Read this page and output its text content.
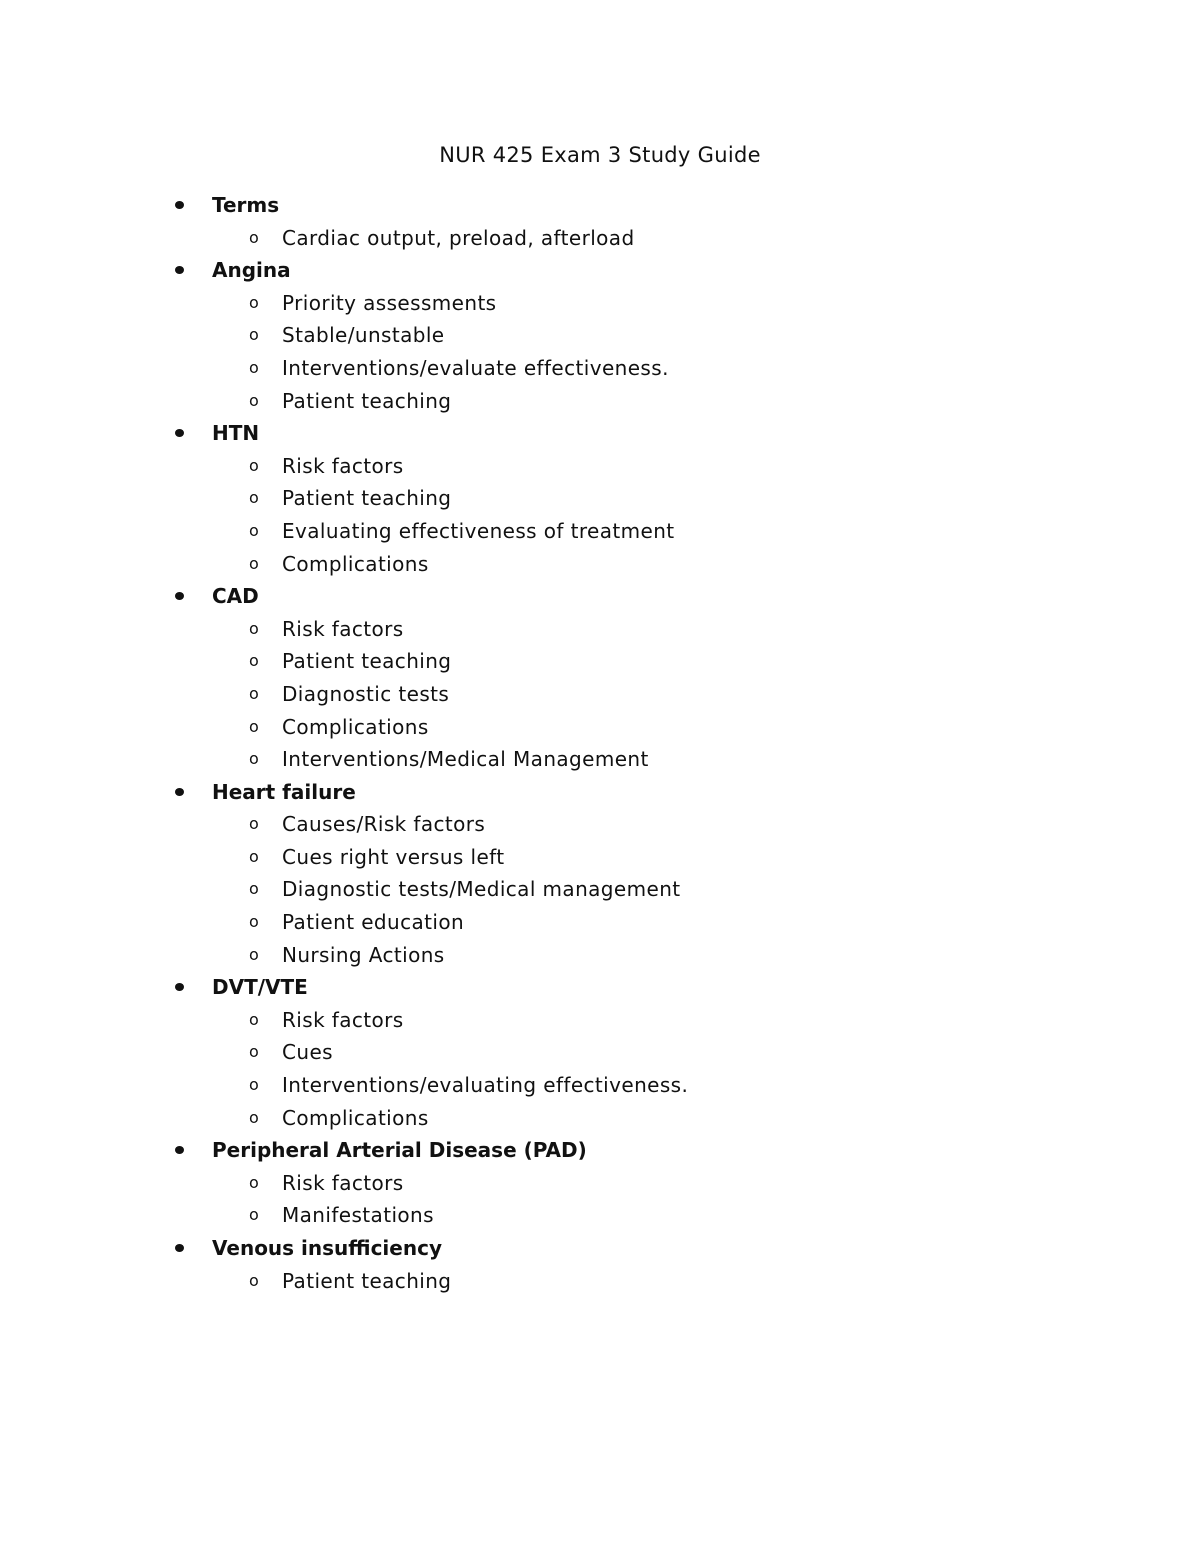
NUR 425 Exam 3 Study Guide
Terms
o Cardiac output, preload, afterload
Angina
o Priority assessments
o Stable/unstable
o Interventions/evaluate effectiveness.
o Patient teaching
HTN
o Risk factors
o Patient teaching
o Evaluating effectiveness of treatment
o Complications
CAD
o Risk factors
o Patient teaching
o Diagnostic tests
o Complications
o Interventions/Medical Management
Heart failure
o Causes/Risk factors
o Cues right versus left
o Diagnostic tests/Medical management
o Patient education
o Nursing Actions
DVT/VTE
o Risk factors
o Cues
o Interventions/evaluating effectiveness.
o Complications
Peripheral Arterial Disease (PAD)
o Risk factors
o Manifestations
Venous insufficiency
o Patient teaching
